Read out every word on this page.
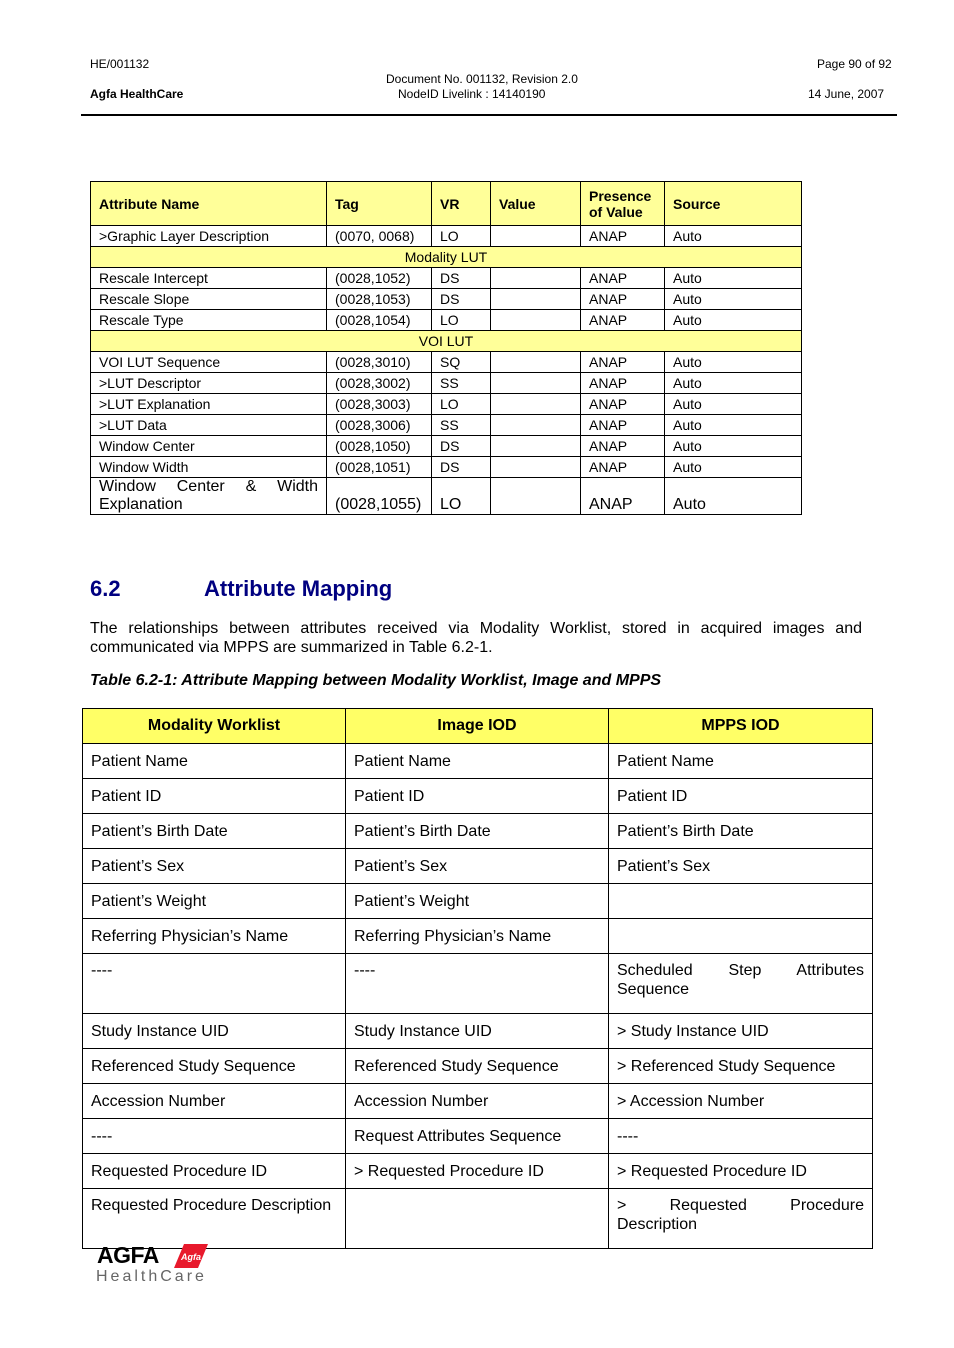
HE/001132
Agfa HealthCare
Document No. 001132, Revision 2.0
NodeID Livelink : 14140190
Page 90 of 92
14 June, 2007
Attribute Name	Tag	VR	Value	Presence of Value	Source
>Graphic Layer Description	(0070, 0068)	LO		ANAP	Auto
Modality LUT					
Rescale Intercept	(0028,1052)	DS		ANAP	Auto
Rescale Slope	(0028,1053)	DS		ANAP	Auto
Rescale Type	(0028,1054)	LO		ANAP	Auto
VOI LUT					
VOI LUT Sequence	(0028,3010)	SQ		ANAP	Auto
>LUT Descriptor	(0028,3002)	SS		ANAP	Auto
>LUT Explanation	(0028,3003)	LO		ANAP	Auto
>LUT Data	(0028,3006)	SS		ANAP	Auto
Window Center	(0028,1050)	DS		ANAP	Auto
Window Width	(0028,1051)	DS		ANAP	Auto
Window Center & Width Explanation	(0028,1055)	LO		ANAP	Auto
6.2	Attribute Mapping
The relationships between attributes received via Modality Worklist, stored in acquired images and communicated via MPPS are summarized in Table 6.2-1.
Table 6.2-1: Attribute Mapping between Modality Worklist, Image and MPPS
Modality Worklist	Image IOD	MPPS IOD
Patient Name	Patient Name	Patient Name
Patient ID	Patient ID	Patient ID
Patient’s Birth Date	Patient’s Birth Date	Patient’s Birth Date
Patient’s Sex	Patient’s Sex	Patient’s Sex
Patient’s Weight	Patient’s Weight	
Referring Physician’s Name	Referring Physician’s Name	
----	----	Scheduled Step Attributes Sequence
Study Instance UID	Study Instance UID	> Study Instance UID
Referenced Study Sequence	Referenced Study Sequence	> Referenced Study Sequence
Accession Number	Accession Number	> Accession Number
----	Request Attributes Sequence	----
Requested Procedure ID	> Requested Procedure ID	> Requested Procedure ID
Requested Procedure Description		> Requested Procedure Description
AGFA Agfa
HealthCare
